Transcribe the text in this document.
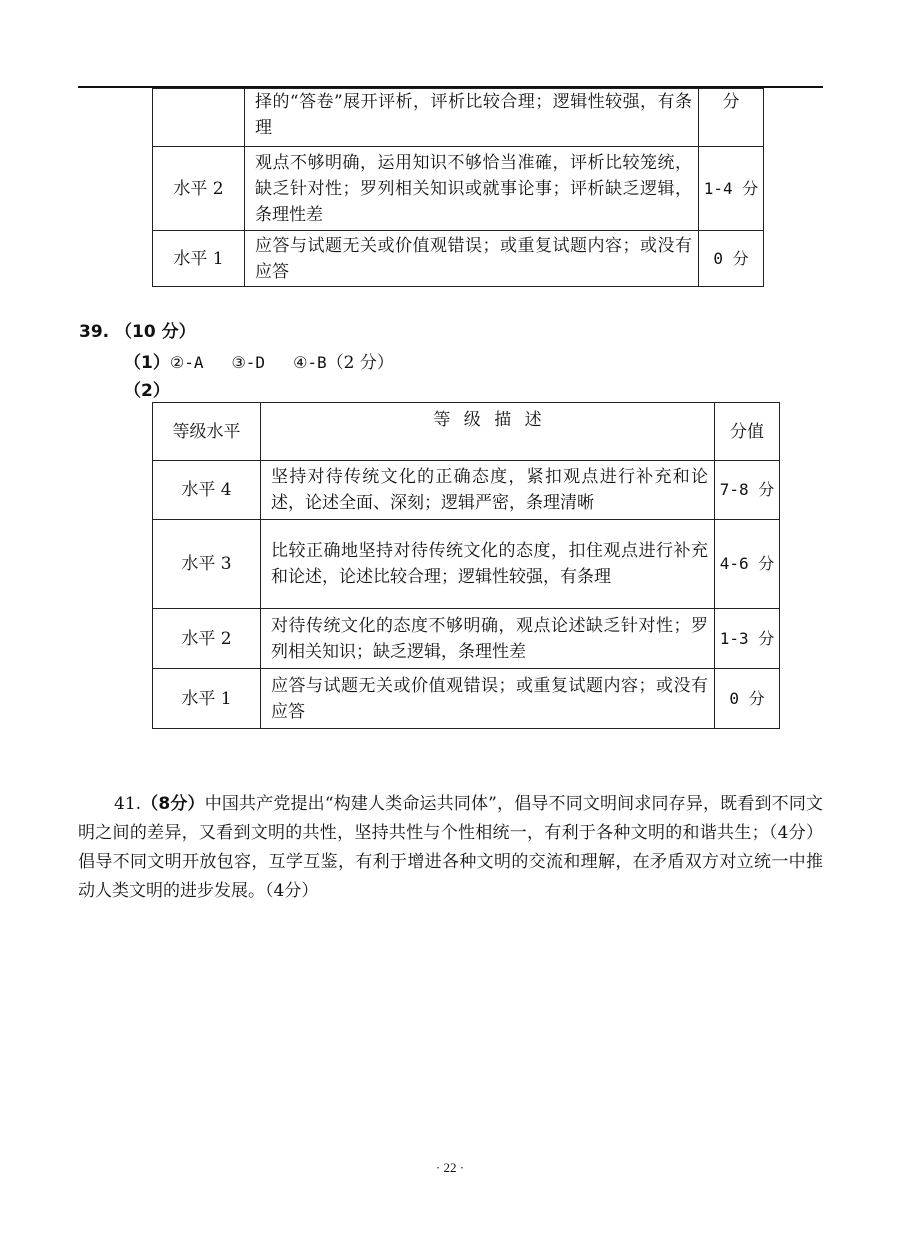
	择的“答卷”展开评析，评析比较合理；逻辑性较强，有条理	分
水平 2	观点不够明确，运用知识不够恰当准確，评析比较笼统，缺乏针对性；罗列相关知识或就事论事；评析缺乏逻辑，条理性差	1-4 分
水平 1	应答与试题无关或价值观错误；或重复试题内容；或没有应答	0 分
39. （10 分）
（1）②-A ③-D ④-B（2 分）
（2）
等级水平	等 级 描 述	分值
水平 4	坚持对待传统文化的正确态度，紧扣观点进行补充和论述，论述全面、深刻；逻辑严密，条理清晰	7-8 分
水平 3	比较正确地坚持对待传统文化的态度，扣住观点进行补充和论述，论述比较合理；逻辑性较强，有条理	4-6 分
水平 2	对待传统文化的态度不够明确，观点论述缺乏针对性；罗列相关知识；缺乏逻辑，条理性差	1-3 分
水平 1	应答与试题无关或价值观错误；或重复试题内容；或没有应答	0 分
41.（8分）中国共产党提出“构建人类命运共同体”，倡导不同文明间求同存异，既看到不同文明之间的差异，又看到文明的共性，坚持共性与个性相统一，有利于各种文明的和谐共生；（4分）倡导不同文明开放包容，互学互鉴，有利于增进各种文明的交流和理解，在矛盾双方对立统一中推动人类文明的进步发展。（4分）
· 22 ·
